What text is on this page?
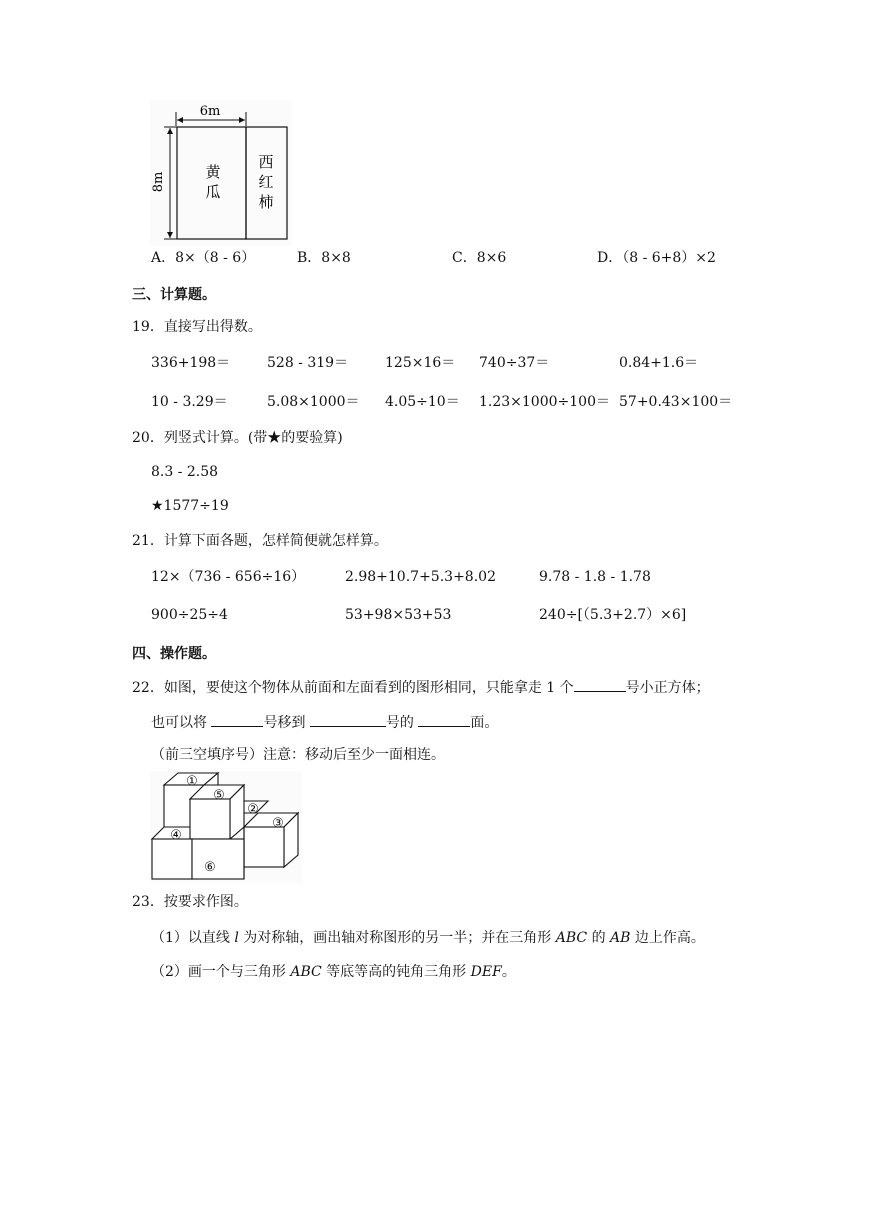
6m
8m	黄
瓜
西
红
柿
A．8×（8 - 6）	B．8×8	C．8×6	D．（8 - 6+8）×2
三、计算题。
19．直接写出得数。
336+198＝	528 - 319＝	125×16＝ 740÷37＝	0.84+1.6＝
10 - 3.29＝	5.08×1000＝ 4.05÷10＝ 1.23×1000÷100＝ 57+0.43×100＝
20．列竖式计算。(带★的要验算)
8.3 - 2.58
★1577÷19
21．计算下面各题，怎样简便就怎样算。
12×（736 - 656÷16）	2.98+10.7+5.3+8.02	9.78 - 1.8 - 1.78
900÷25÷4	53+98×53+53	240÷[（5.3+2.7）×6]
四、操作题。
22．如图，要使这个物体从前面和左面看到的图形相同，只能拿走 1 个	号小正方体；
也可以将	号移到	号的	面。
（前三空填序号）注意：移动后至少一面相连。
①
⑤
②
③
④
⑥
23．按要求作图。
（1）以直线 l 为对称轴，画出轴对称图形的另一半；并在三角形 ABC 的 AB 边上作高。
（2）画一个与三角形 ABC 等底等高的钝角三角形 DEF。
